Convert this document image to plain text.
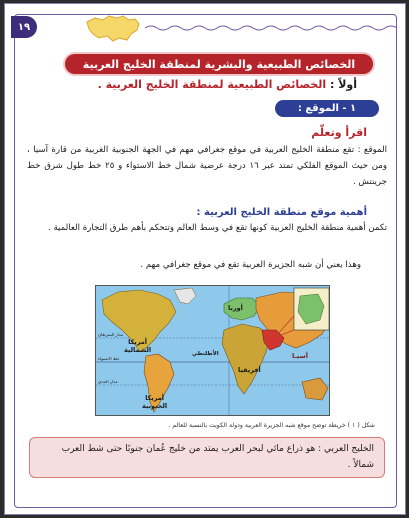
١٩
الخصائص الطبيعية والبشرية لمنطقة الخليج العربية
أولاً : الخصائص الطبيعية لمنطقة الخليج العربية .
١ - الموقع :
اقرأ وتعلّم

الموقع : تقع منطقة الخليج العربية في موقع جغرافي مهم في الجهة الجنوبية الغربية من قارة آسيا ، ومن حيث الموقع الفلكي تمتد عبر ١٦ درجة عرضية شمال خط الاستواء و ٢٥ خط طول شرق خط جرينتش .

أهمية موقع منطقة الخليج العربية :

تكمن أهمية منطقة الخليج العربية كونها تقع في وسط العالم وتتحكم بأهم طرق التجارة العالمية .

وهذا يعني أن شبه الجزيرة العربية تقع في موقع جغرافي مهم .

أمريكا
الشمالية
أمريكا
الجنوبية
أوربا
آسيـا
أفريقيا
الأطلنطي
مدار السرطان
خط الاستواء
مدار الجدي
شكل ( ١ ) خريطة توضح موقع شبه الجزيرة العربية ودولة الكويت بالنسبة للعالم .
الخليج العربي : هو ذراع مائي لبحر العرب يمتد من خليج عُمان جنوبًا حتى شط العرب شمالاً .
